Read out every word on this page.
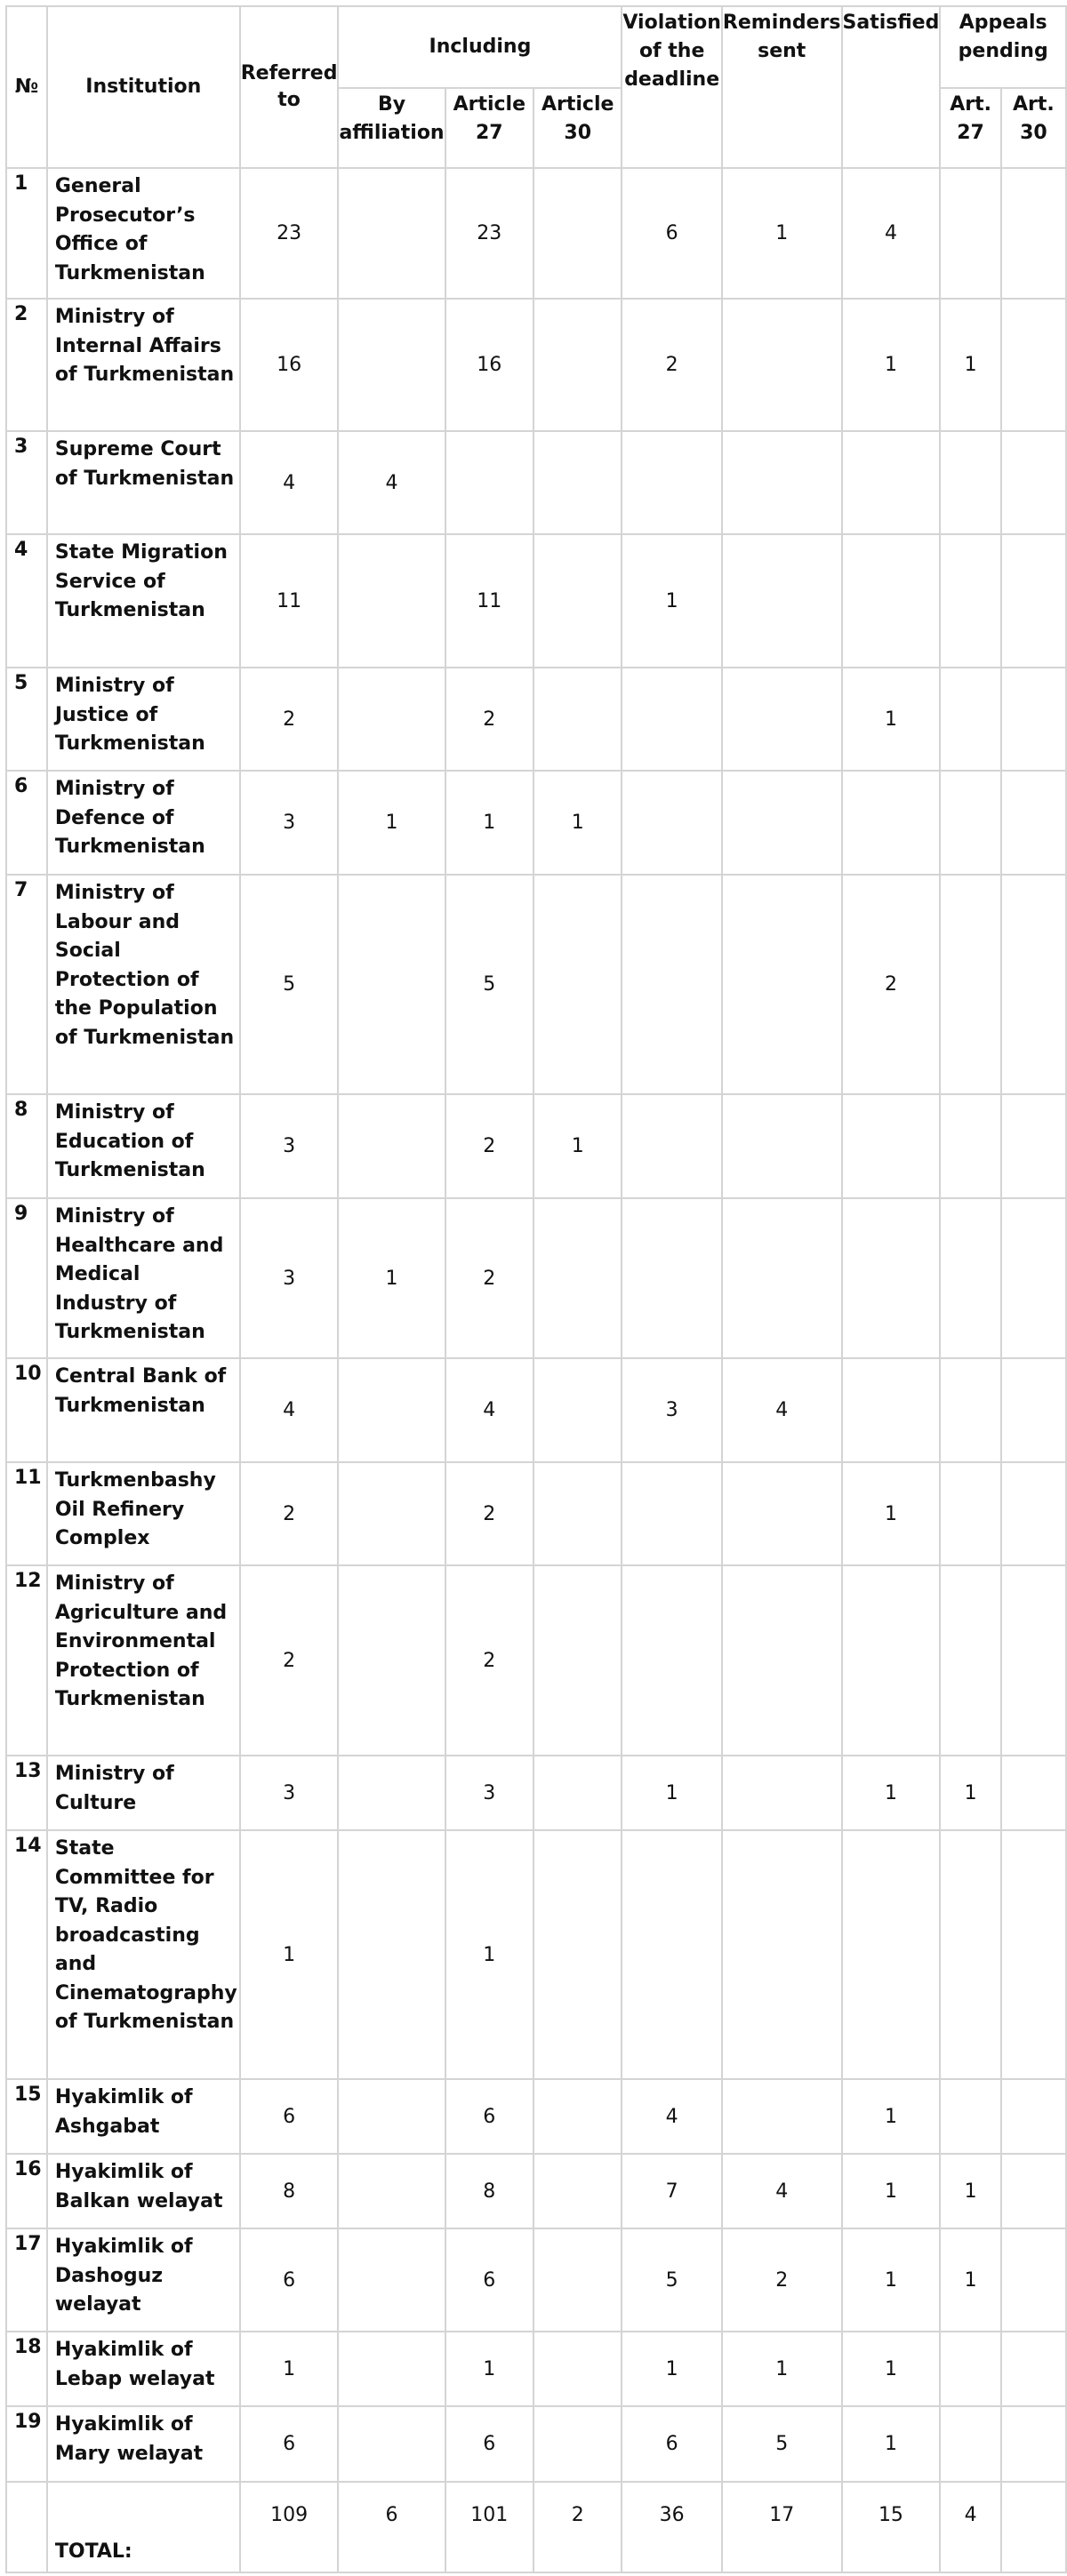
№	Institution	Referred to	Including			Violation of the deadline	Reminders sent	Satisfied	Appeals pending	
			By affiliation	Article 27	Article 30				Art. 27	Art. 30
1	General Prosecutor’s Office of Turkmenistan	23		23		6	1	4		
2	Ministry of Internal Affairs of Turkmenistan	16		16		2		1	1	
3	Supreme Court of Turkmenistan	4	4							
4	State Migration Service of Turkmenistan	11		11		1				
5	Ministry of Justice of Turkmenistan	2		2				1		
6	Ministry of Defence of Turkmenistan	3	1	1	1					
7	Ministry of Labour and Social Protection of the Population of Turkmenistan	5		5				2		
8	Ministry of Education of Turkmenistan	3		2	1					
9	Ministry of Healthcare and Medical Industry of Turkmenistan	3	1	2						
10	Central Bank of Turkmenistan	4		4		3	4			
11	Turkmenbashy Oil Refinery Complex	2		2				1		
12	Ministry of Agriculture and Environmental Protection of Turkmenistan	2		2						
13	Ministry of Culture	3		3		1		1	1	
14	State Committee for TV, Radio broadcasting and Cinematography of Turkmenistan	1		1						
15	Hyakimlik of Ashgabat	6		6		4		1		
16	Hyakimlik of Balkan welayat	8		8		7	4	1	1	
17	Hyakimlik of Dashoguz welayat	6		6		5	2	1	1	
18	Hyakimlik of Lebap welayat	1		1		1	1	1		
19	Hyakimlik of Mary welayat	6		6		6	5	1		
	TOTAL:	109	6	101	2	36	17	15	4	
